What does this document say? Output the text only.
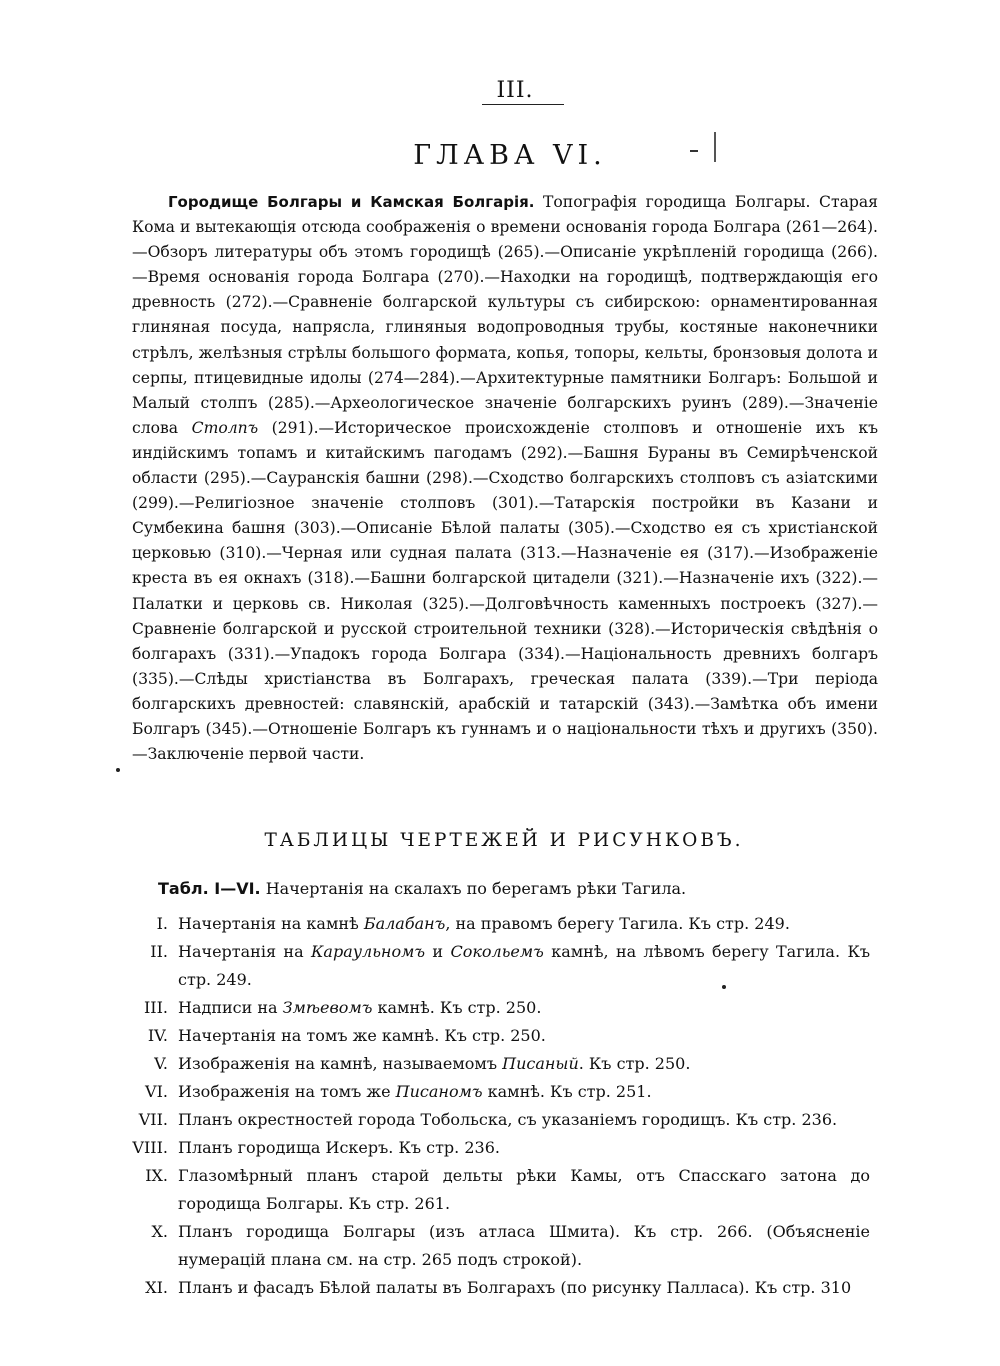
III.
ГЛАВА VI.
Городище Болгары и Камская Болгарія. Топографія городища Болгары. Старая Кома и вытекающія отсюда соображенія о времени основанія города Болгара (261—264).—Обзоръ литературы объ этомъ городищѣ (265).—Описаніе укрѣпленій городища (266).—Время основанія города Болгара (270).—Находки на городищѣ, подтверждающія его древность (272).—Сравненіе болгарской культуры съ сибирскою: орнаментированная глиняная посуда, напрясла, глиняныя водопроводныя трубы, костяные наконечники стрѣлъ, желѣзныя стрѣлы большого формата, копья, топоры, кельты, бронзовыя долота и серпы, птицевидные идолы (274—284).—Архитектурные памятники Болгаръ: Большой и Малый столпъ (285).—Археологическое значеніе болгарскихъ руинъ (289).—Значеніе слова Столпъ (291).—Историческое происхожденіе столповъ и отношеніе ихъ къ индійскимъ топамъ и китайскимъ пагодамъ (292).—Башня Бураны въ Семирѣченской области (295).—Сауранскія башни (298).—Сходство болгарскихъ столповъ съ азіатскими (299).—Религіозное значеніе столповъ (301).—Татарскія постройки въ Казани и Сумбекина башня (303).—Описаніе Бѣлой палаты (305).—Сходство ея съ христіанской церковью (310).—Черная или судная палата (313.—Назначеніе ея (317).—Изображеніе креста въ ея окнахъ (318).—Башни болгарской цитадели (321).—Назначеніе ихъ (322).—Палатки и церковь св. Николая (325).—Долговѣчность каменныхъ построекъ (327).—Сравненіе болгарской и русской строительной техники (328).—Историческія свѣдѣнія о болгарахъ (331).—Упадокъ города Болгара (334).—Національность древнихъ болгаръ (335).—Слѣды христіанства въ Болгарахъ, греческая палата (339).—Три періода болгарскихъ древностей: славянскій, арабскій и татарскій (343).—Замѣтка объ имени Болгаръ (345).—Отношеніе Болгаръ къ гуннамъ и о національности тѣхъ и другихъ (350).—Заключеніе первой части.
ТАБЛИЦЫ ЧЕРТЕЖЕЙ И РИСУНКОВЪ.
Табл. I—VI. Начертанія на скалахъ по берегамъ рѣки Тагила.
I. Начертанія на камнѣ Балабанъ, на правомъ берегу Тагила. Къ стр. 249.
II. Начертанія на Караульномъ и Сокольемъ камнѣ, на лѣвомъ берегу Тагила. Къ стр. 249.
III. Надписи на Змѣевомъ камнѣ. Къ стр. 250.
IV. Начертанія на томъ же камнѣ. Къ стр. 250.
V. Изображенія на камнѣ, называемомъ Писаный. Къ стр. 250.
VI. Изображенія на томъ же Писаномъ камнѣ. Къ стр. 251.
VII. Планъ окрестностей города Тобольска, съ указаніемъ городищъ. Къ стр. 236.
VIII. Планъ городища Искеръ. Къ стр. 236.
IX. Глазомѣрный планъ старой дельты рѣки Камы, отъ Спасскаго затона до городища Болгары. Къ стр. 261.
X. Планъ городища Болгары (изъ атласа Шмита). Къ стр. 266. (Объясненіе нумерацій плана см. на стр. 265 подъ строкой).
XI. Планъ и фасадъ Бѣлой палаты въ Болгарахъ (по рисунку Палласа). Къ стр. 310
